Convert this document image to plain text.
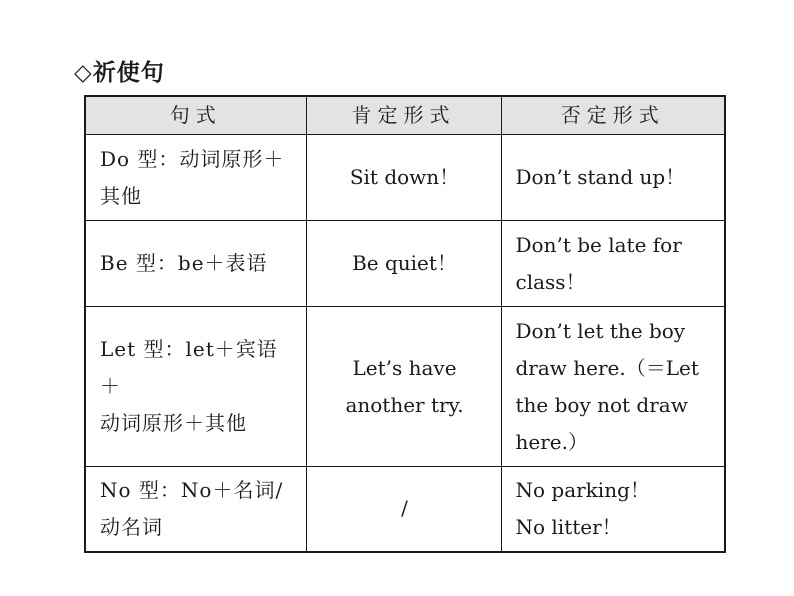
◇祈使句
句式	肯定形式	否定形式

Do 型：动词原形＋
其他	Sit down！	Don’t stand up！

Be 型：be＋表语	Be quiet！	Don’t be late for
class！

Let 型：let＋宾语＋
动词原形＋其他	Let’s have
another try.	Don’t let the boy
draw here.（＝Let
the boy not draw
here.）

No 型：No＋名词/
动名词	/	No parking！
No litter！
